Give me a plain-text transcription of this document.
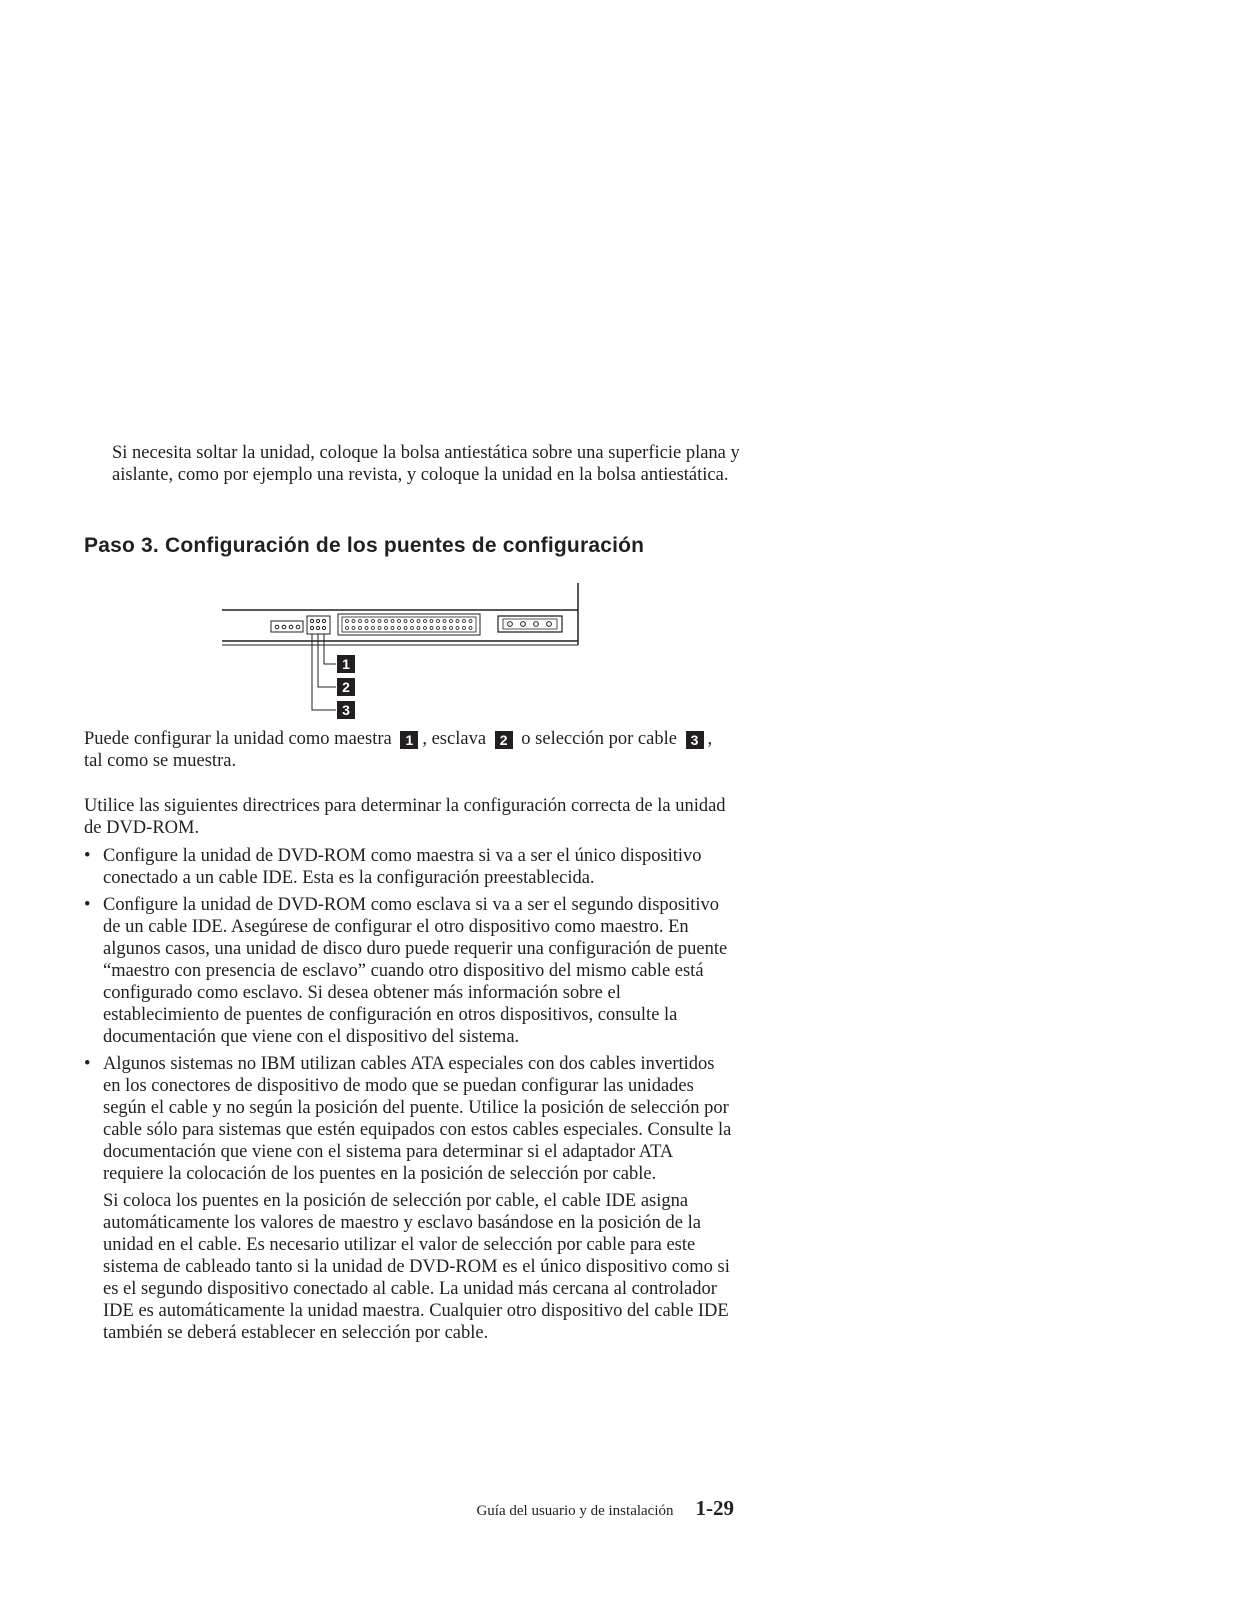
Si necesita soltar la unidad, coloque la bolsa antiestática sobre una superficie plana y aislante, como por ejemplo una revista, y coloque la unidad en la bolsa antiestática.

Paso 3. Configuración de los puentes de configuración
1
2
3

Puede configurar la unidad como maestra 1 , esclava 2 o selección por cable 3 , tal como se muestra.

Utilice las siguientes directrices para determinar la configuración correcta de la unidad de DVD-ROM.

• Configure la unidad de DVD-ROM como maestra si va a ser el único dispositivo conectado a un cable IDE. Esta es la configuración preestablecida.
• Configure la unidad de DVD-ROM como esclava si va a ser el segundo dispositivo de un cable IDE. Asegúrese de configurar el otro dispositivo como maestro. En algunos casos, una unidad de disco duro puede requerir una configuración de puente “maestro con presencia de esclavo” cuando otro dispositivo del mismo cable está configurado como esclavo. Si desea obtener más información sobre el establecimiento de puentes de configuración en otros dispositivos, consulte la documentación que viene con el dispositivo del sistema.
• Algunos sistemas no IBM utilizan cables ATA especiales con dos cables invertidos en los conectores de dispositivo de modo que se puedan configurar las unidades según el cable y no según la posición del puente. Utilice la posición de selección por cable sólo para sistemas que estén equipados con estos cables especiales. Consulte la documentación que viene con el sistema para determinar si el adaptador ATA requiere la colocación de los puentes en la posición de selección por cable.
Si coloca los puentes en la posición de selección por cable, el cable IDE asigna automáticamente los valores de maestro y esclavo basándose en la posición de la unidad en el cable. Es necesario utilizar el valor de selección por cable para este sistema de cableado tanto si la unidad de DVD-ROM es el único dispositivo como si es el segundo dispositivo conectado al cable. La unidad más cercana al controlador IDE es automáticamente la unidad maestra. Cualquier otro dispositivo del cable IDE también se deberá establecer en selección por cable.
Guía del usuario y de instalación 1-29
